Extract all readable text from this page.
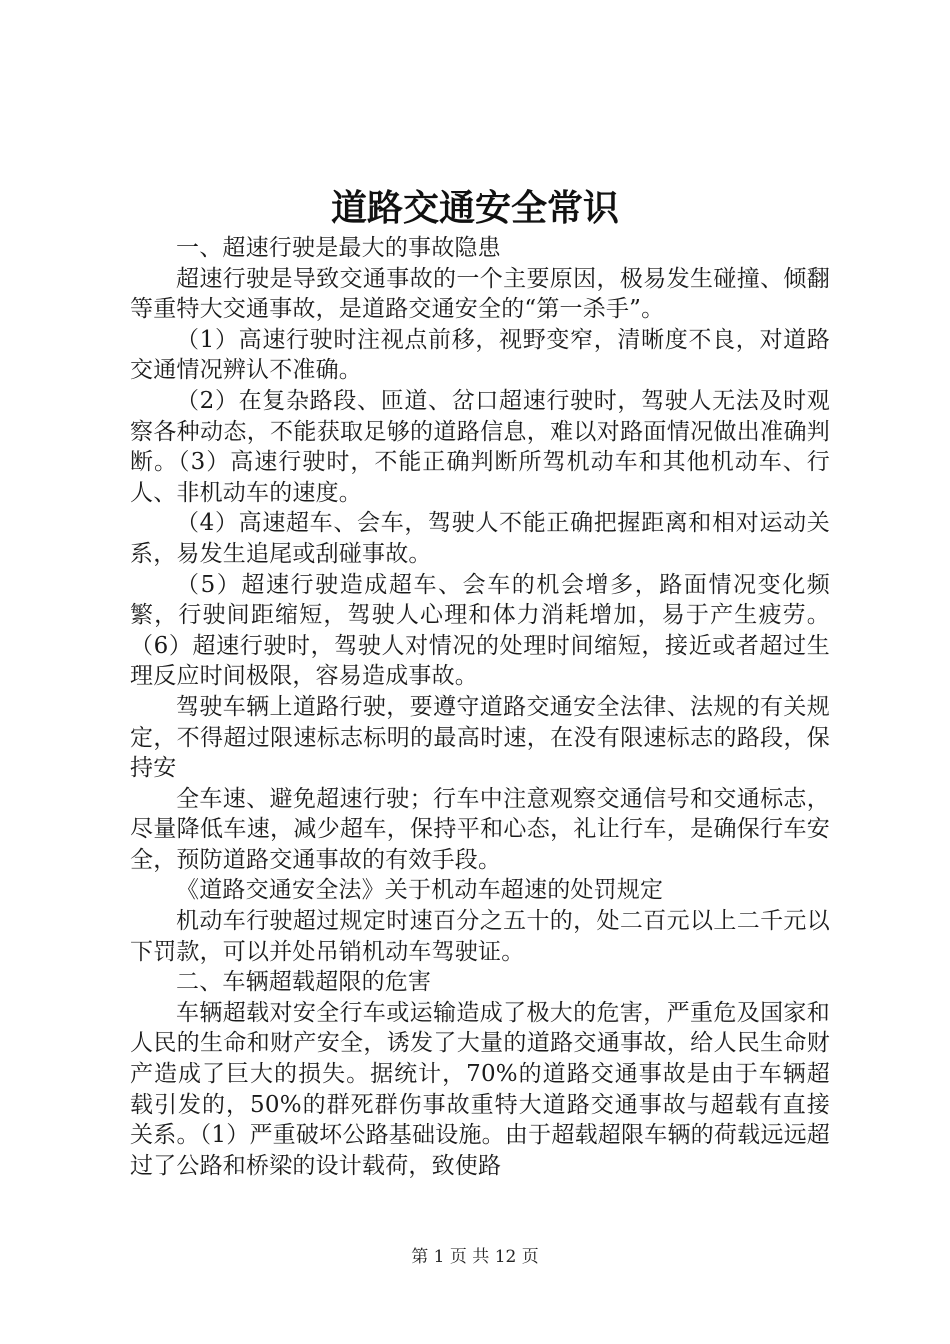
道路交通安全常识

一、超速行驶是最大的事故隐患

超速行驶是导致交通事故的一个主要原因，极易发生碰撞、倾翻等重特大交通事故，是道路交通安全的“第一杀手”。

（1）高速行驶时注视点前移，视野变窄，清晰度不良，对道路交通情况辨认不准确。

（2）在复杂路段、匝道、岔口超速行驶时，驾驶人无法及时观察各种动态，不能获取足够的道路信息，难以对路面情况做出准确判断。（3）高速行驶时，不能正确判断所驾机动车和其他机动车、行人、非机动车的速度。

（4）高速超车、会车，驾驶人不能正确把握距离和相对运动关系，易发生追尾或刮碰事故。

（5）超速行驶造成超车、会车的机会增多，路面情况变化频繁，行驶间距缩短，驾驶人心理和体力消耗增加，易于产生疲劳。（6）超速行驶时，驾驶人对情况的处理时间缩短，接近或者超过生理反应时间极限，容易造成事故。

驾驶车辆上道路行驶，要遵守道路交通安全法律、法规的有关规定，不得超过限速标志标明的最高时速，在没有限速标志的路段，保持安

全车速、避免超速行驶；行车中注意观察交通信号和交通标志，尽量降低车速，减少超车，保持平和心态，礼让行车，是确保行车安全，预防道路交通事故的有效手段。

《道路交通安全法》关于机动车超速的处罚规定

机动车行驶超过规定时速百分之五十的，处二百元以上二千元以下罚款，可以并处吊销机动车驾驶证。

二、车辆超载超限的危害

车辆超载对安全行车或运输造成了极大的危害，严重危及国家和人民的生命和财产安全，诱发了大量的道路交通事故，给人民生命财产造成了巨大的损失。据统计，70%的道路交通事故是由于车辆超载引发的，50%的群死群伤事故重特大道路交通事故与超载有直接关系。（1）严重破坏公路基础设施。由于超载超限车辆的荷载远远超过了公路和桥梁的设计载荷，致使路

第 1 页 共 12 页
